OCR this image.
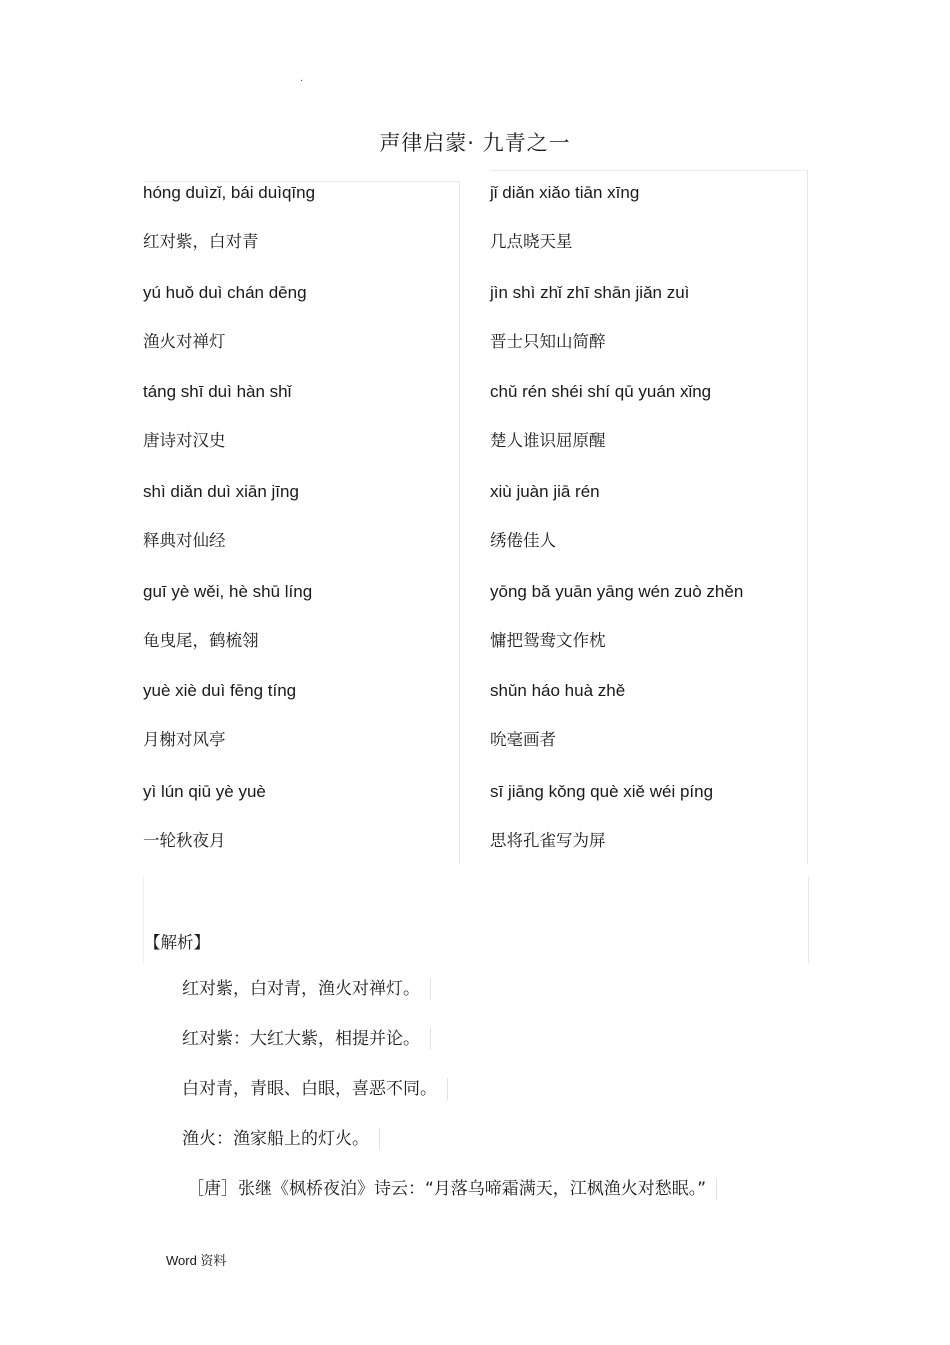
·
声律启蒙· 九青之一
hóng duìzǐ, bái duìqīng
红对紫，白对青
yú huǒ duì chán dēng
渔火对禅灯
táng shī duì hàn shǐ
唐诗对汉史
shì diǎn duì xiān jīng
释典对仙经
guī yè wěi, hè shū líng
龟曳尾，鹤梳翎
yuè xiè duì fēng tíng
月榭对风亭
yì lún qiū yè yuè
一轮秋夜月
jǐ diǎn xiǎo tiān xīng
几点晓天星
jìn shì zhǐ zhī shān jiǎn zuì
晋士只知山简醉
chǔ rén shéi shí qū yuán xǐng
楚人谁识屈原醒
xiù juàn jiā rén
绣倦佳人
yōng bǎ yuān yāng wén zuò zhěn
慵把鸳鸯文作枕
shǔn háo huà zhě
吮毫画者
sī jiāng kǒng què xiě wéi píng
思将孔雀写为屏
【解析】
红对紫，白对青，渔火对禅灯。
红对紫：大红大紫，相提并论。
白对青，青眼、白眼，喜恶不同。
渔火：渔家船上的灯火。
［唐］张继《枫桥夜泊》诗云：“月落乌啼霜满天，江枫渔火对愁眠。”
Word 资料
